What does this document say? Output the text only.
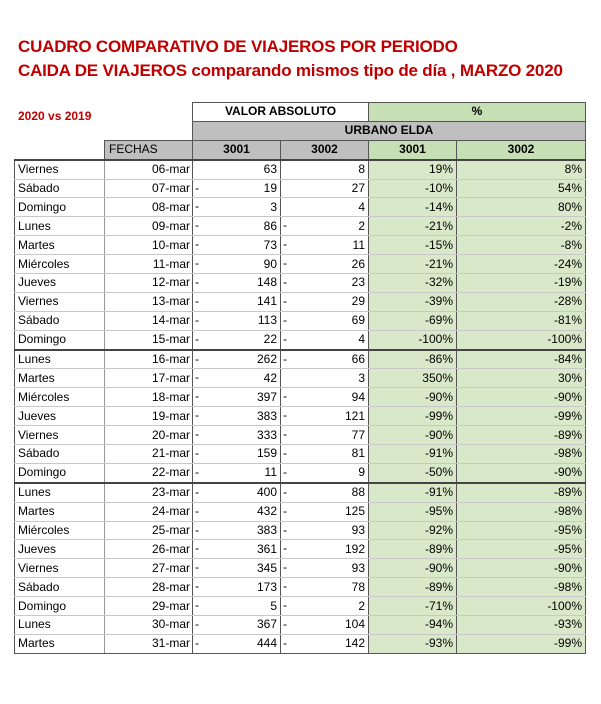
CUADRO COMPARATIVO DE VIAJEROS POR PERIODO
CAIDA DE VIAJEROS comparando mismos tipo de día , MARZO 2020
2020 vs 2019
			VALOR ABSOLUTO		%	
		URBANO ELDA			
	FECHAS	3001	3002	3001	3002
Viernes	06-mar	63	8	19%	8%
Sábado	07-mar	- 19	27	-10%	54%
Domingo	08-mar	- 3	4	-14%	80%
Lunes	09-mar	- 86	- 2	-21%	-2%
Martes	10-mar	- 73	- 11	-15%	-8%
Miércoles	11-mar	- 90	- 26	-21%	-24%
Jueves	12-mar	- 148	- 23	-32%	-19%
Viernes	13-mar	- 141	- 29	-39%	-28%
Sábado	14-mar	- 113	- 69	-69%	-81%
Domingo	15-mar	- 22	- 4	-100%	-100%
Lunes	16-mar	- 262	- 66	-86%	-84%
Martes	17-mar	- 42	3	350%	30%
Miércoles	18-mar	- 397	- 94	-90%	-90%
Jueves	19-mar	- 383	- 121	-99%	-99%
Viernes	20-mar	- 333	- 77	-90%	-89%
Sábado	21-mar	- 159	- 81	-91%	-98%
Domingo	22-mar	- 11	- 9	-50%	-90%
Lunes	23-mar	- 400	- 88	-91%	-89%
Martes	24-mar	- 432	- 125	-95%	-98%
Miércoles	25-mar	- 383	- 93	-92%	-95%
Jueves	26-mar	- 361	- 192	-89%	-95%
Viernes	27-mar	- 345	- 93	-90%	-90%
Sábado	28-mar	- 173	- 78	-89%	-98%
Domingo	29-mar	- 5	- 2	-71%	-100%
Lunes	30-mar	- 367	- 104	-94%	-93%
Martes	31-mar	- 444	- 142	-93%	-99%
